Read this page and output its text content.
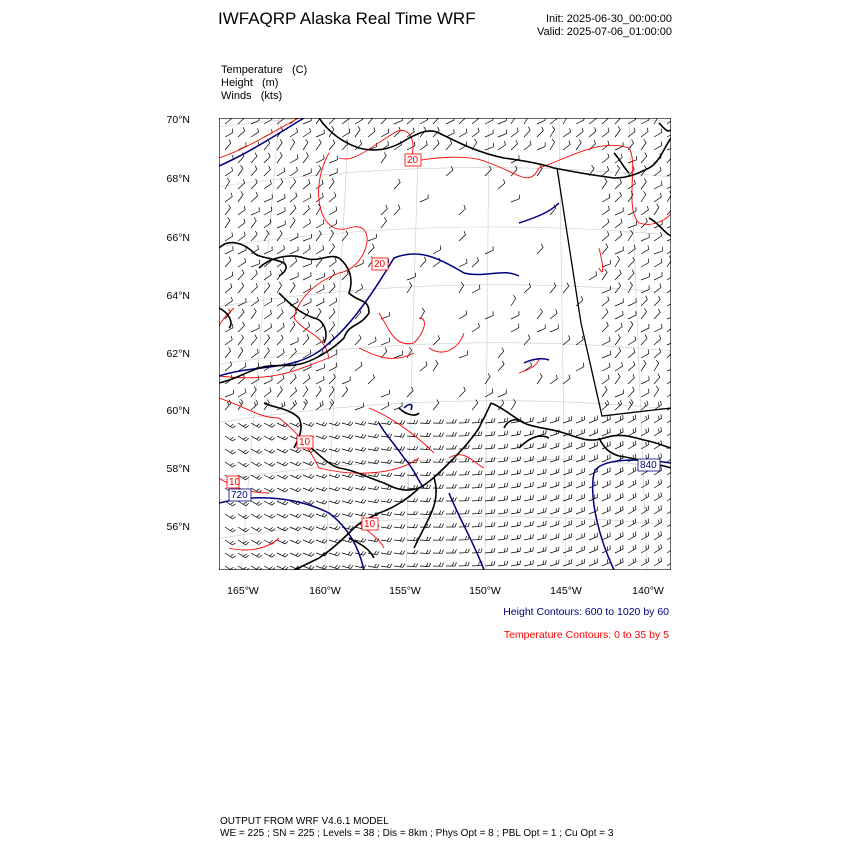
IWFAQRP Alaska Real Time WRF	Init: 2025-06-30_00:00:00
Valid: 2025-07-06_01:00:00
Temperature (C)
Height (m)
Winds (kts)
70°N
68°N
66°N
64°N
62°N
60°N
58°N
56°N
165°W	160°W	155°W	150°W	145°W	140°W
20
20
10
10
10
720
840
Height Contours: 600 to 1020 by 60
Temperature Contours: 0 to 35 by 5
OUTPUT FROM WRF V4.6.1 MODEL
WE = 225 ; SN = 225 ; Levels = 38 ; Dis = 8km ; Phys Opt = 8 ; PBL Opt = 1 ; Cu Opt = 3
